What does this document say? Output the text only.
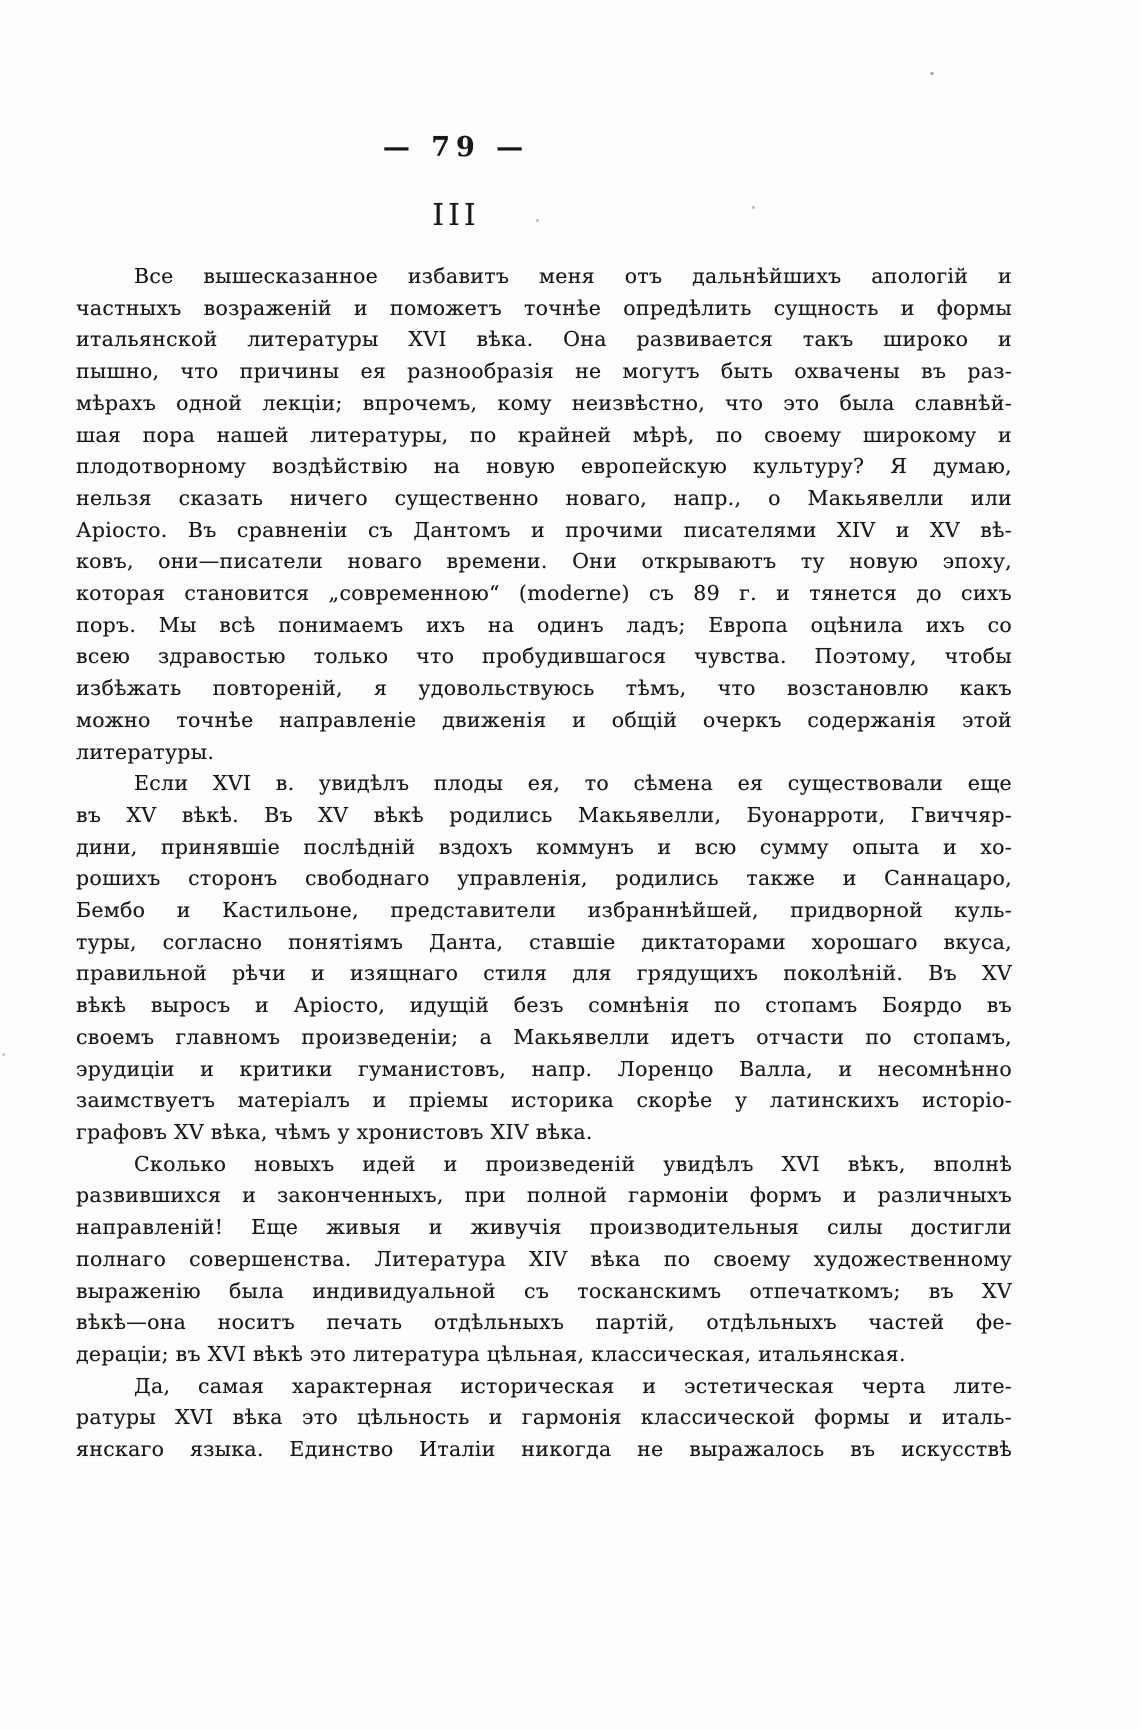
— 79 —
III
Все вышесказанное избавитъ меня отъ дальнѣйшихъ апологій и
частныхъ возраженій и поможетъ точнѣе опредѣлить сущность и формы
итальянской литературы XVI вѣка. Она развивается такъ широко и
пышно, что причины ея разнообразія не могутъ быть охвачены въ раз-
мѣрахъ одной лекціи; впрочемъ, кому неизвѣстно, что это была славнѣй-
шая пора нашей литературы, по крайней мѣрѣ, по своему широкому и
плодотворному воздѣйствію на новую европейскую культуру? Я думаю,
нельзя сказать ничего существенно новаго, напр., о Макьявелли или
Аріосто. Въ сравненіи съ Дантомъ и прочими писателями XIV и XV вѣ-
ковъ, они—писатели новаго времени. Они открываютъ ту новую эпоху,
которая становится „современною“ (moderne) съ 89 г. и тянется до сихъ
поръ. Мы всѣ понимаемъ ихъ на одинъ ладъ; Европа оцѣнила ихъ со
всею здравостью только что пробудившагося чувства. Поэтому, чтобы
избѣжать повтореній, я удовольствуюсь тѣмъ, что возстановлю какъ
можно точнѣе направленіе движенія и общій очеркъ содержанія этой
литературы.
Если XVI в. увидѣлъ плоды ея, то сѣмена ея существовали еще
въ XV вѣкѣ. Въ XV вѣкѣ родились Макьявелли, Буонарроти, Гвиччяр-
дини, принявшіе послѣдній вздохъ коммунъ и всю сумму опыта и хо-
рошихъ сторонъ свободнаго управленія, родились также и Саннацаро,
Бембо и Кастильоне, представители избраннѣйшей, придворной куль-
туры, согласно понятіямъ Данта, ставшіе диктаторами хорошаго вкуса,
правильной рѣчи и изящнаго стиля для грядущихъ поколѣній. Въ XV
вѣкѣ выросъ и Аріосто, идущій безъ сомнѣнія по стопамъ Боярдо въ
своемъ главномъ произведеніи; а Макьявелли идетъ отчасти по стопамъ,
эрудиціи и критики гуманистовъ, напр. Лоренцо Валла, и несомнѣнно
заимствуетъ матеріалъ и пріемы историка скорѣе у латинскихъ исторіо-
графовъ XV вѣка, чѣмъ у хронистовъ XIV вѣка.
Сколько новыхъ идей и произведеній увидѣлъ XVI вѣкъ, вполнѣ
развившихся и законченныхъ, при полной гармоніи формъ и различныхъ
направленій! Еще живыя и живучія производительныя силы достигли
полнаго совершенства. Литература XIV вѣка по своему художественному
выраженію была индивидуальной съ тосканскимъ отпечаткомъ; въ XV
вѣкѣ—она носитъ печать отдѣльныхъ партій, отдѣльныхъ частей фе-
дераціи; въ XVI вѣкѣ это литература цѣльная, классическая, итальянская.
Да, самая характерная историческая и эстетическая черта лите-
ратуры XVI вѣка это цѣльность и гармонія классической формы и италь-
янскаго языка. Единство Италіи никогда не выражалось въ искусствѣ
